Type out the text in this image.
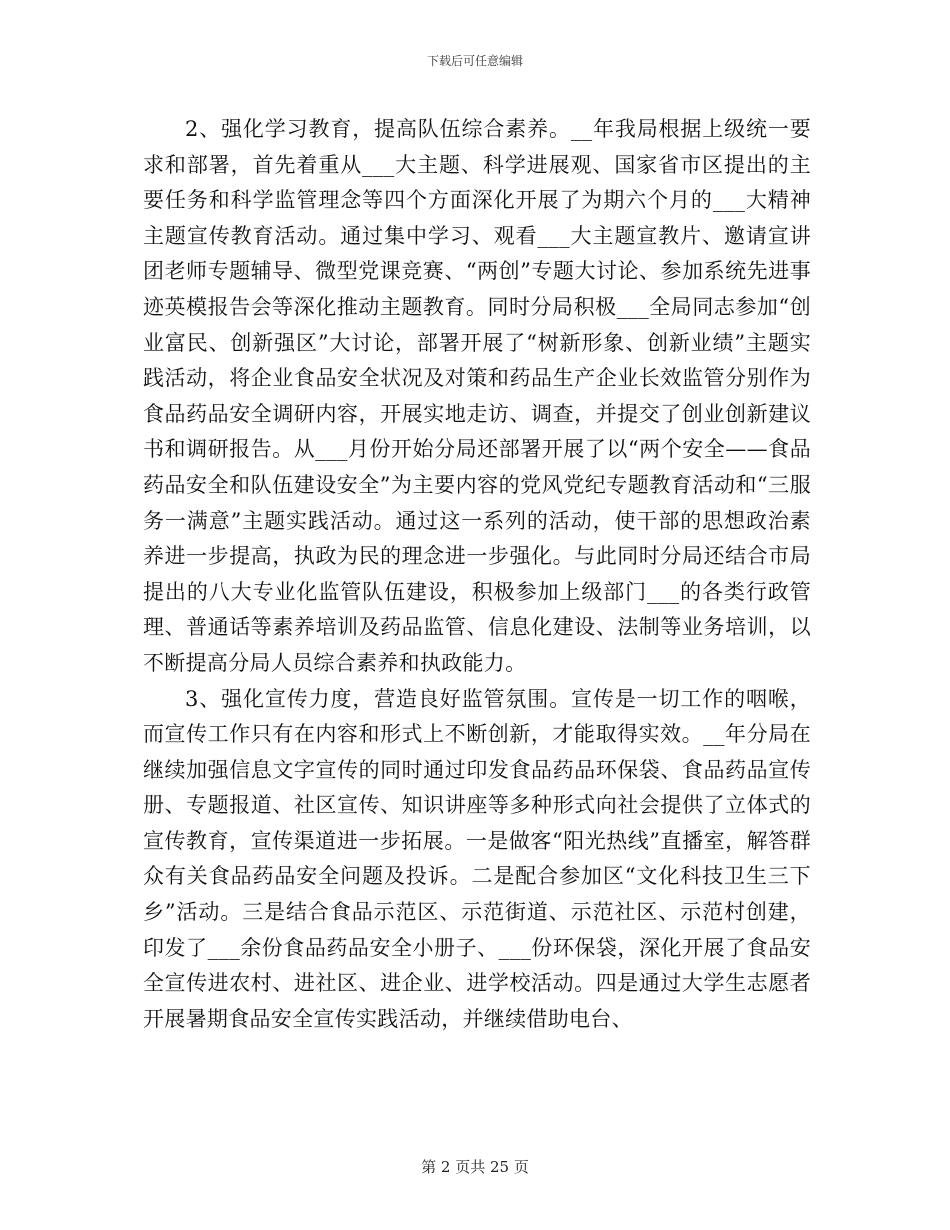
下载后可任意编辑

2、强化学习教育，提高队伍综合素养。__年我局根据上级统一要求和部署，首先着重从___大主题、科学进展观、国家省市区提出的主要任务和科学监管理念等四个方面深化开展了为期六个月的___大精神主题宣传教育活动。通过集中学习、观看___大主题宣教片、邀请宣讲团老师专题辅导、微型党课竞赛、“两创”专题大讨论、参加系统先进事迹英模报告会等深化推动主题教育。同时分局积极___全局同志参加“创业富民、创新强区”大讨论，部署开展了“树新形象、创新业绩”主题实践活动，将企业食品安全状况及对策和药品生产企业长效监管分别作为食品药品安全调研内容，开展实地走访、调查，并提交了创业创新建议书和调研报告。从___月份开始分局还部署开展了以“两个安全——食品药品安全和队伍建设安全”为主要内容的党风党纪专题教育活动和“三服务一满意”主题实践活动。通过这一系列的活动，使干部的思想政治素养进一步提高，执政为民的理念进一步强化。与此同时分局还结合市局提出的八大专业化监管队伍建设，积极参加上级部门___的各类行政管理、普通话等素养培训及药品监管、信息化建设、法制等业务培训，以不断提高分局人员综合素养和执政能力。

3、强化宣传力度，营造良好监管氛围。宣传是一切工作的咽喉，而宣传工作只有在内容和形式上不断创新，才能取得实效。__年分局在继续加强信息文字宣传的同时通过印发食品药品环保袋、食品药品宣传册、专题报道、社区宣传、知识讲座等多种形式向社会提供了立体式的宣传教育，宣传渠道进一步拓展。一是做客“阳光热线”直播室，解答群众有关食品药品安全问题及投诉。二是配合参加区“文化科技卫生三下乡”活动。三是结合食品示范区、示范街道、示范社区、示范村创建，印发了___余份食品药品安全小册子、___份环保袋，深化开展了食品安全宣传进农村、进社区、进企业、进学校活动。四是通过大学生志愿者开展暑期食品安全宣传实践活动，并继续借助电台、

第 2 页共 25 页
